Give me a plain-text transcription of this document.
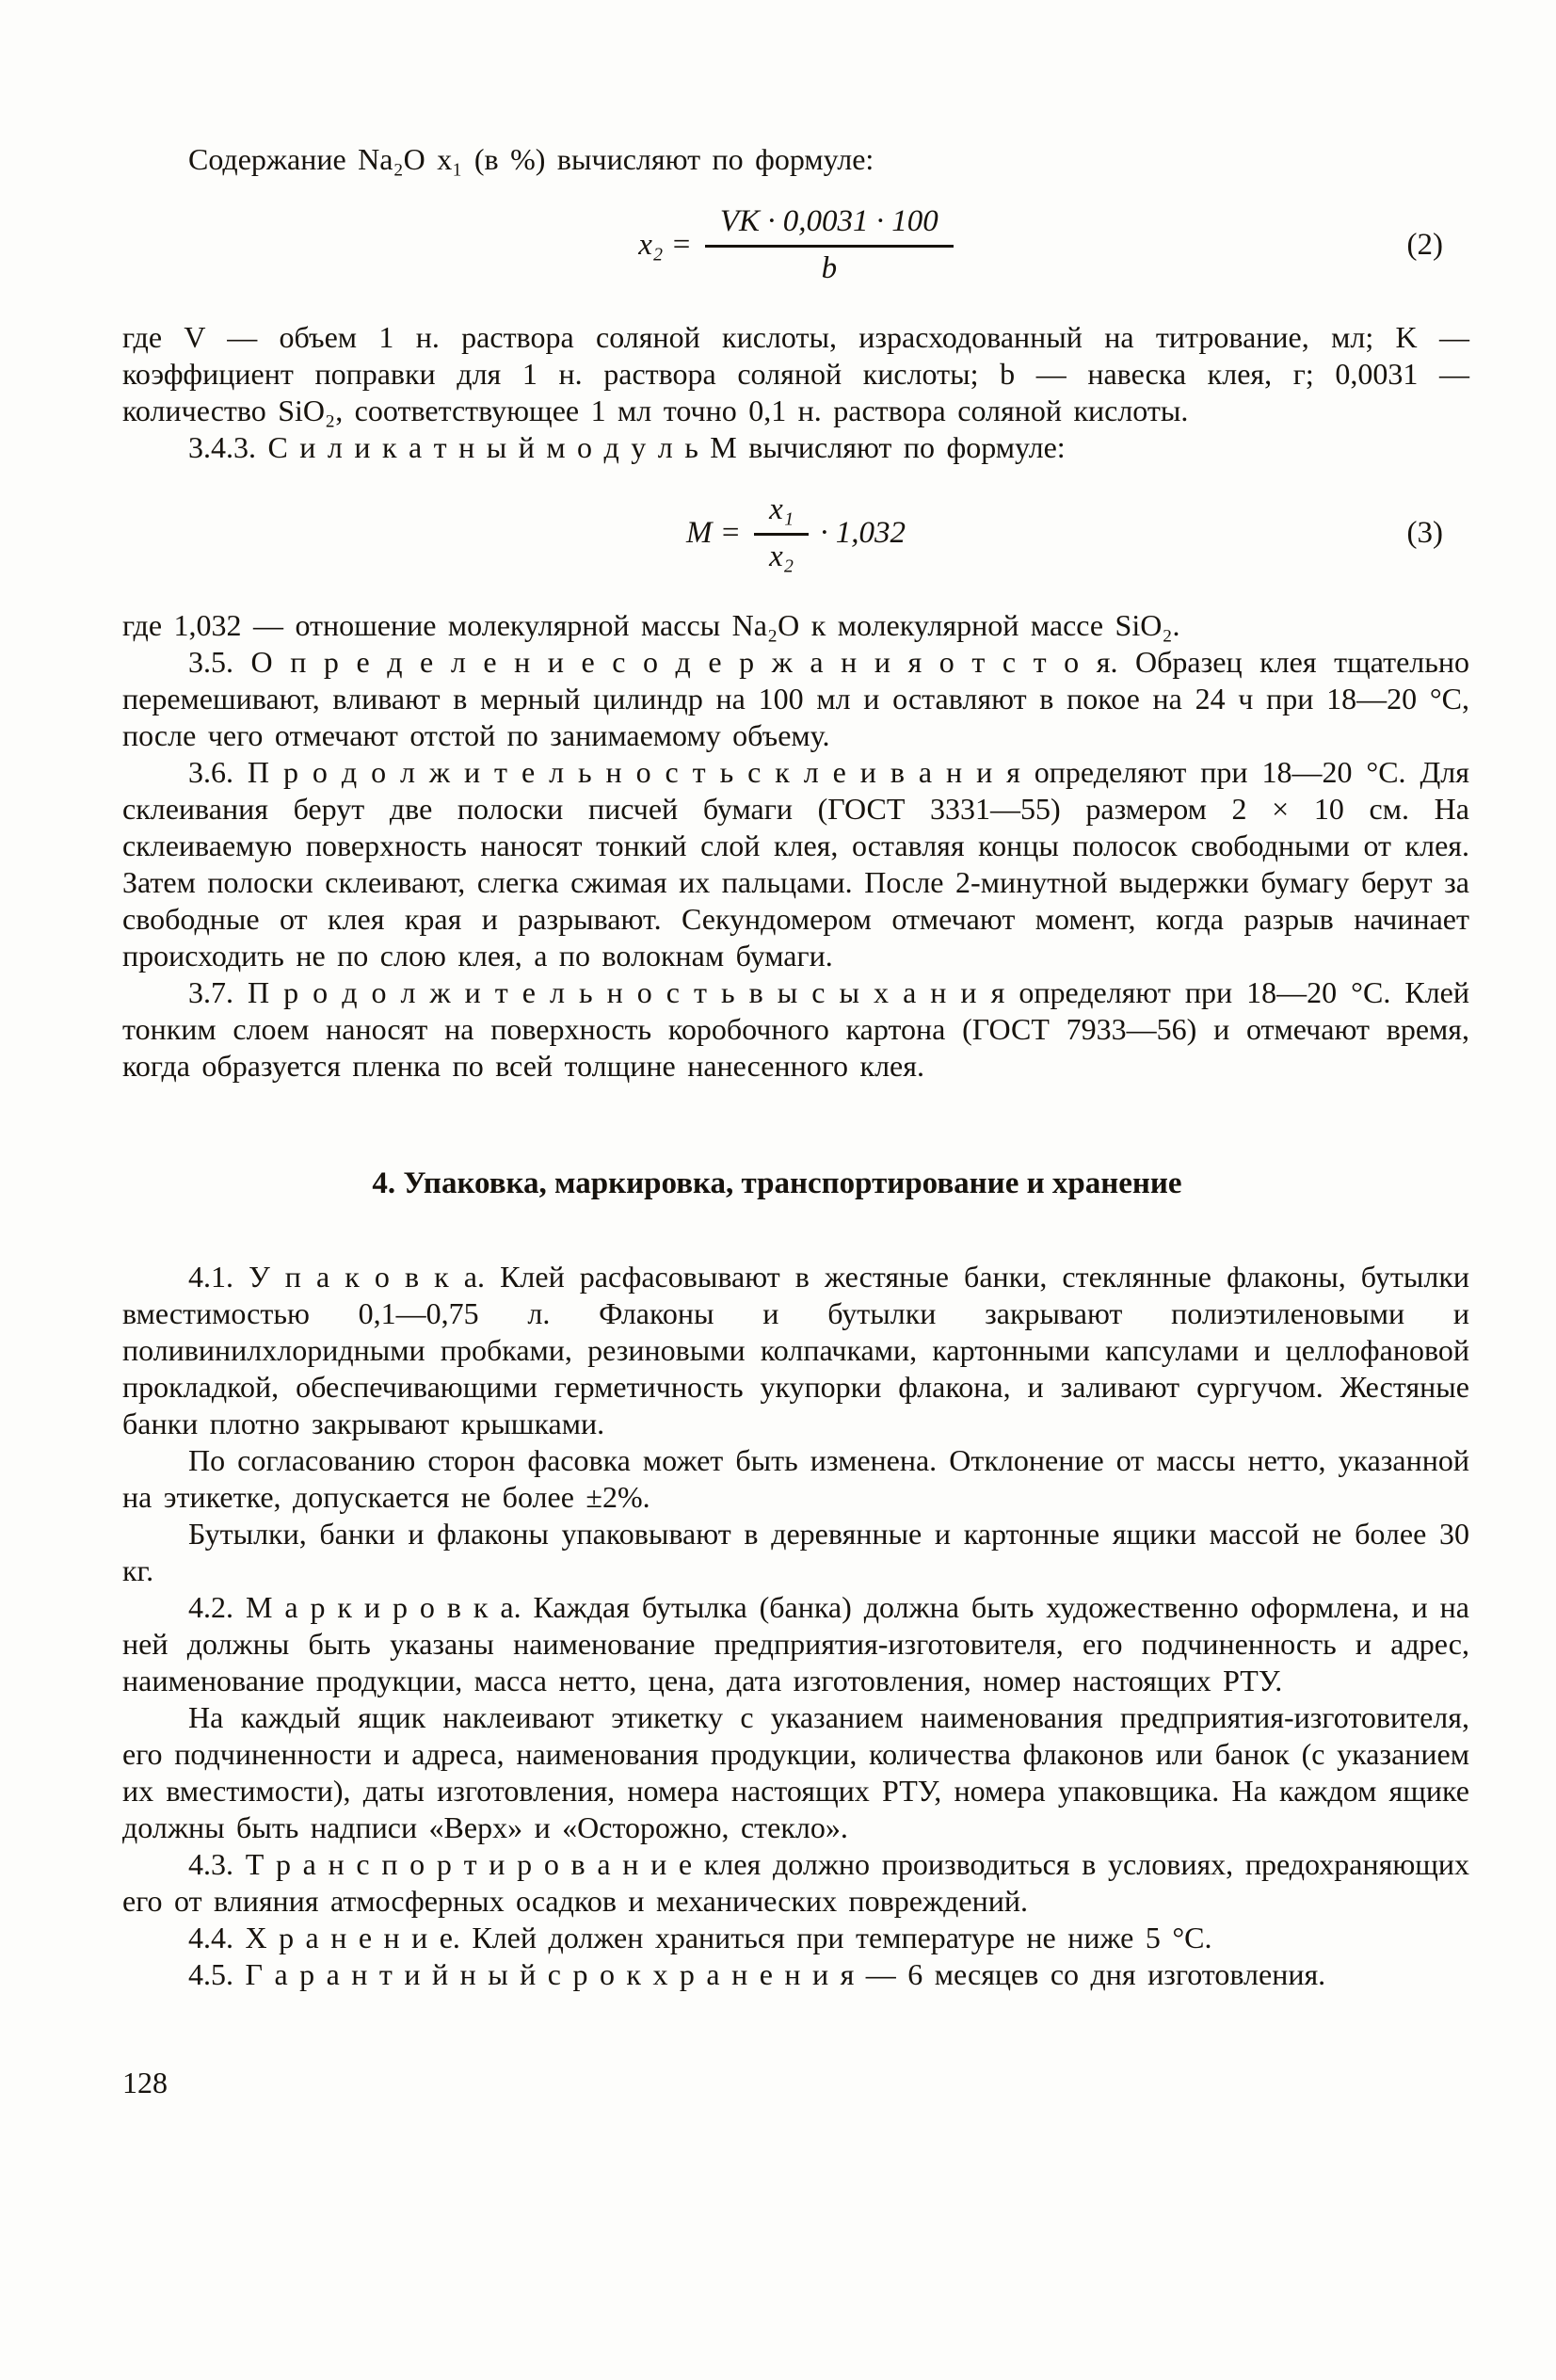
Содержание Na₂O x₁ (в %) вычисляют по формуле:
$x_2 = \frac{VK \cdot 0,0031 \cdot 100}{b}$	(2)
где V — объем 1 н. раствора соляной кислоты, израсходованный на титрование, мл; K — коэффициент поправки для 1 н. раствора соляной кислоты; b — навеска клея, г; 0,0031 — количество SiO₂, соответствующее 1 мл точно 0,1 н. раствора соляной кислоты.
3.4.3. С и л и к а т н ы й м о д у л ь М вычисляют по формуле:
$M = \frac{\text{x₁}}{\text{x₂}} \cdot 1,032$	(3)
где 1,032 — отношение молекулярной массы Na₂O к молекулярной массе SiO₂.
3.5. О п р е д е л е н и е с о д е р ж а н и я о т с т о я. Образец клея тщательно перемешивают, вливают в мерный цилиндр на 100 мл и оставляют в покое на 24 ч при 18—20 °С, после чего отмечают отстой по занимаемому объему.
3.6. П р о д о л ж и т е л ь н о с т ь с к л е и в а н и я определяют при 18—20 °С. Для склеивания берут две полоски писчей бумаги (ГОСТ 3331—55) размером 2 × 10 см. На склеиваемую поверхность наносят тонкий слой клея, оставляя концы полосок свободными от клея. Затем полоски склеивают, слегка сжимая их пальцами. После 2-минутной выдержки бумагу берут за свободные от клея края и разрывают. Секундомером отмечают момент, когда разрыв начинает происходить не по слою клея, а по волокнам бумаги.
3.7. П р о д о л ж и т е л ь н о с т ь в ы с ы х а н и я определяют при 18—20 °С. Клей тонким слоем наносят на поверхность коробочного картона (ГОСТ 7933—56) и отмечают время, когда образуется пленка по всей толщине нанесенного клея.
4. Упаковка, маркировка, транспортирование и хранение
4.1. У п а к о в к а. Клей расфасовывают в жестяные банки, стеклянные флаконы, бутылки вместимостью 0,1—0,75 л. Флаконы и бутылки закрывают полиэтиленовыми и поливинилхлоридными пробками, резиновыми колпачками, картонными капсулами и целлофановой прокладкой, обеспечивающими герметичность укупорки флакона, и заливают сургучом. Жестяные банки плотно закрывают крышками.
По согласованию сторон фасовка может быть изменена. Отклонение от массы нетто, указанной на этикетке, допускается не более ±2%.
Бутылки, банки и флаконы упаковывают в деревянные и картонные ящики массой не более 30 кг.
4.2. М а р к и р о в к а. Каждая бутылка (банка) должна быть художественно оформлена, и на ней должны быть указаны наименование предприятия-изготовителя, его подчиненность и адрес, наименование продукции, масса нетто, цена, дата изготовления, номер настоящих РТУ.
На каждый ящик наклеивают этикетку с указанием наименования предприятия-изготовителя, его подчиненности и адреса, наименования продукции, количества флаконов или банок (с указанием их вместимости), даты изготовления, номера настоящих РТУ, номера упаковщика. На каждом ящике должны быть надписи «Верх» и «Осторожно, стекло».
4.3. Т р а н с п о р т и р о в а н и е клея должно производиться в условиях, предохраняющих его от влияния атмосферных осадков и механических повреждений.
4.4. Х р а н е н и е. Клей должен храниться при температуре не ниже 5 °С.
4.5. Г а р а н т и й н ы й с р о к х р а н е н и я — 6 месяцев со дня изготовления.
128
